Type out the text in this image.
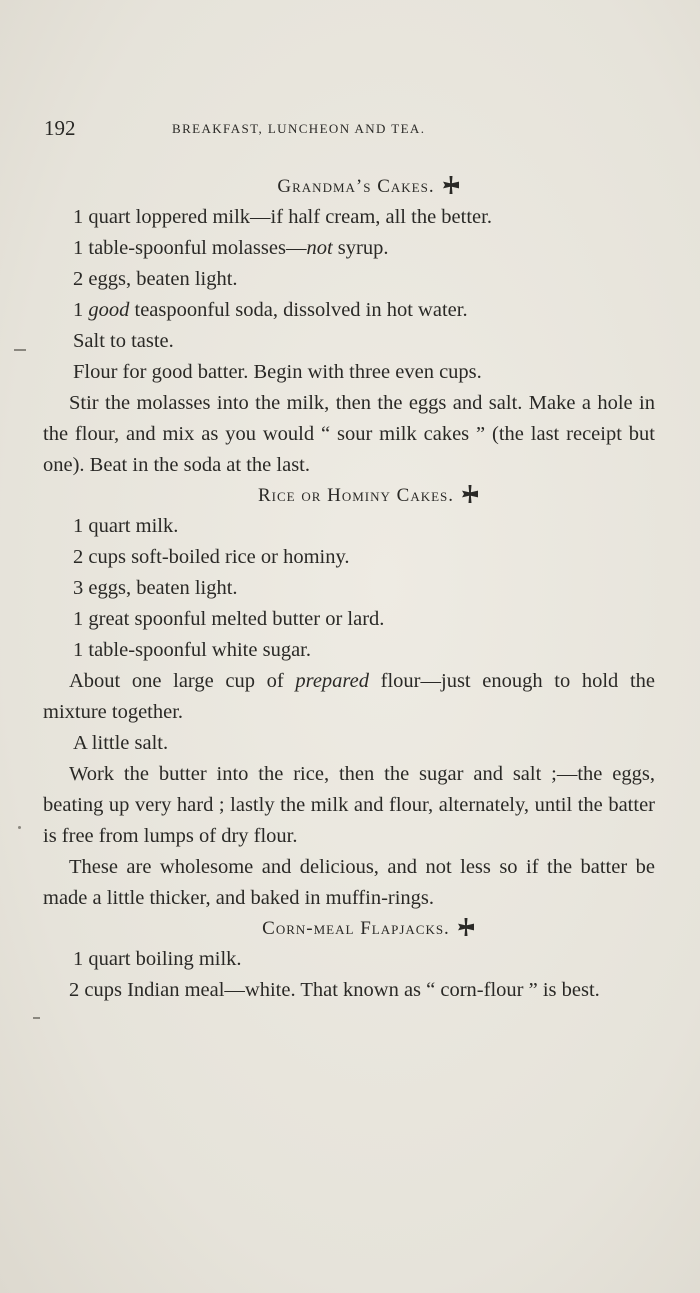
192	BREAKFAST, LUNCHEON AND TEA.
Grandma’s Cakes.
1 quart loppered milk—if half cream, all the better.
1 table-spoonful molasses—not syrup.
2 eggs, beaten light.
1 good teaspoonful soda, dissolved in hot water.
Salt to taste.
Flour for good batter. Begin with three even cups.

Stir the molasses into the milk, then the eggs and salt. Make a hole in the flour, and mix as you would “ sour milk cakes ” (the last receipt but one). Beat in the soda at the last.

Rice or Hominy Cakes.
1 quart milk.
2 cups soft-boiled rice or hominy.
3 eggs, beaten light.
1 great spoonful melted butter or lard.
1 table-spoonful white sugar.

About one large cup of prepared flour—just enough to hold the mixture together.

A little salt.

Work the butter into the rice, then the sugar and salt ;—the eggs, beating up very hard ; lastly the milk and flour, alternately, until the batter is free from lumps of dry flour.

These are wholesome and delicious, and not less so if the batter be made a little thicker, and baked in muffin-rings.

Corn-meal Flapjacks.
1 quart boiling milk.

2 cups Indian meal—white. That known as “ corn-flour ” is best.
